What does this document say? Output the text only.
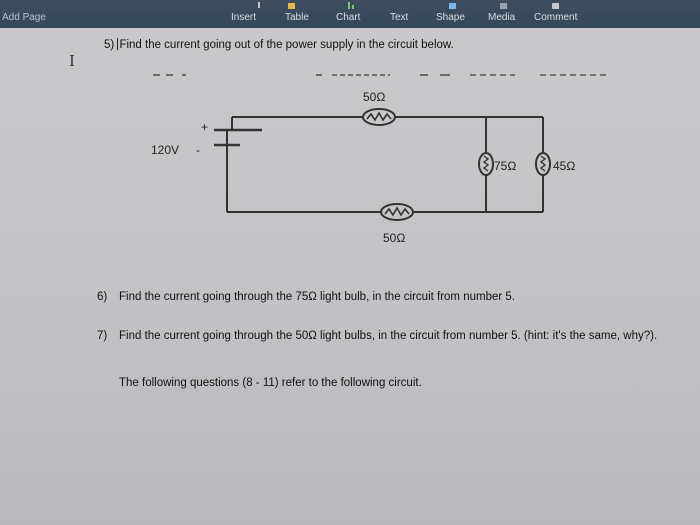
Add Page	Insert	Table	Chart	Text	Shape Media Comment
5) Find the current going out of the power supply in the circuit below.
I
120V -
+
50Ω
50Ω
75Ω	45Ω
6) Find the current going through the 75Ω light bulb, in the circuit from number 5.
7) Find the current going through the 50Ω light bulbs, in the circuit from number 5. (hint: it's the same, why?).
The following questions (8 - 11) refer to the following circuit.
